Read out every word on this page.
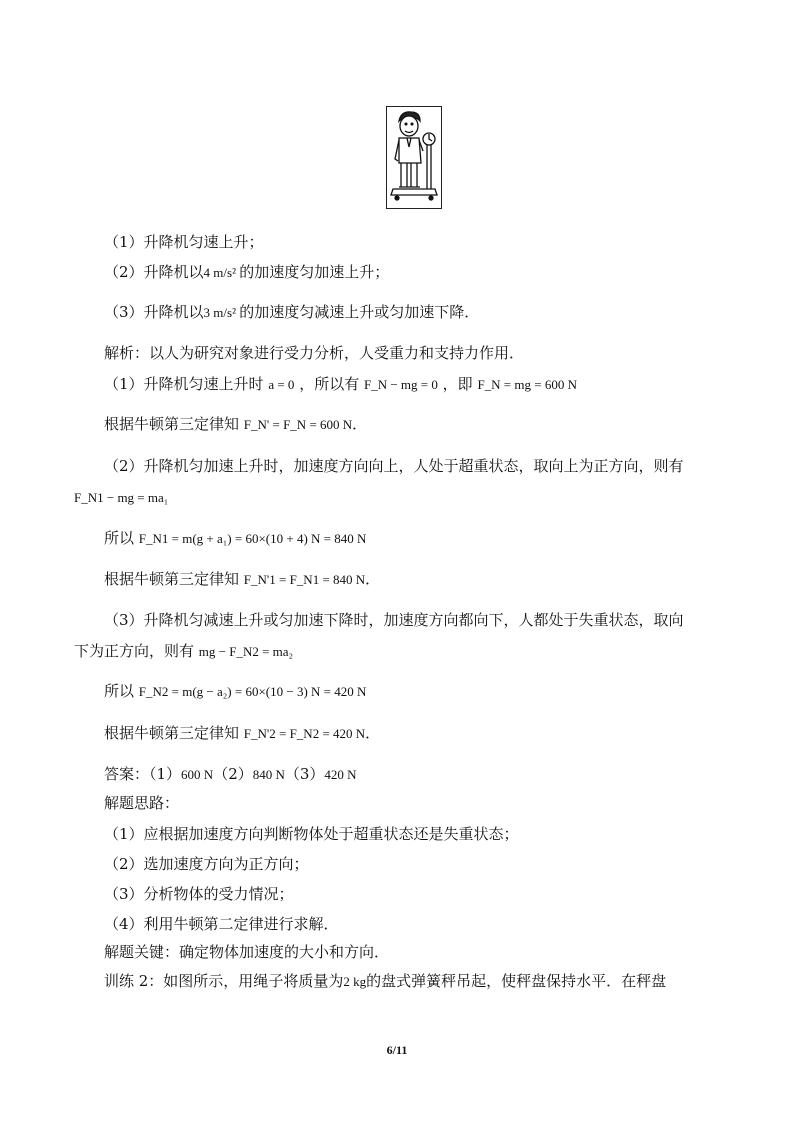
（1）升降机匀速上升；
（2）升降机以4 m/s² 的加速度匀加速上升；
（3）升降机以3 m/s² 的加速度匀减速上升或匀加速下降．
解析：以人为研究对象进行受力分析，人受重力和支持力作用．
（1）升降机匀速上升时 a = 0 ，所以有 F_N − mg = 0 ，即 F_N = mg = 600 N
根据牛顿第三定律知 F_N' = F_N = 600 N．
（2）升降机匀加速上升时，加速度方向向上，人处于超重状态，取向上为正方向，则有
F_N1 − mg = ma₁
所以 F_N1 = m(g + a₁) = 60×(10 + 4) N = 840 N
根据牛顿第三定律知 F_N'1 = F_N1 = 840 N．
（3）升降机匀减速上升或匀加速下降时，加速度方向都向下，人都处于失重状态，取向
下为正方向，则有 mg − F_N2 = ma₂
所以 F_N2 = m(g − a₂) = 60×(10 − 3) N = 420 N
根据牛顿第三定律知 F_N'2 = F_N2 = 420 N．
答案：（1）600 N（2）840 N（3）420 N
解题思路：
（1）应根据加速度方向判断物体处于超重状态还是失重状态；
（2）选加速度方向为正方向；
（3）分析物体的受力情况；
（4）利用牛顿第二定律进行求解．
解题关键：确定物体加速度的大小和方向．
训练 2：如图所示，用绳子将质量为2 kg的盘式弹簧秤吊起，使秤盘保持水平．在秤盘
6/11
